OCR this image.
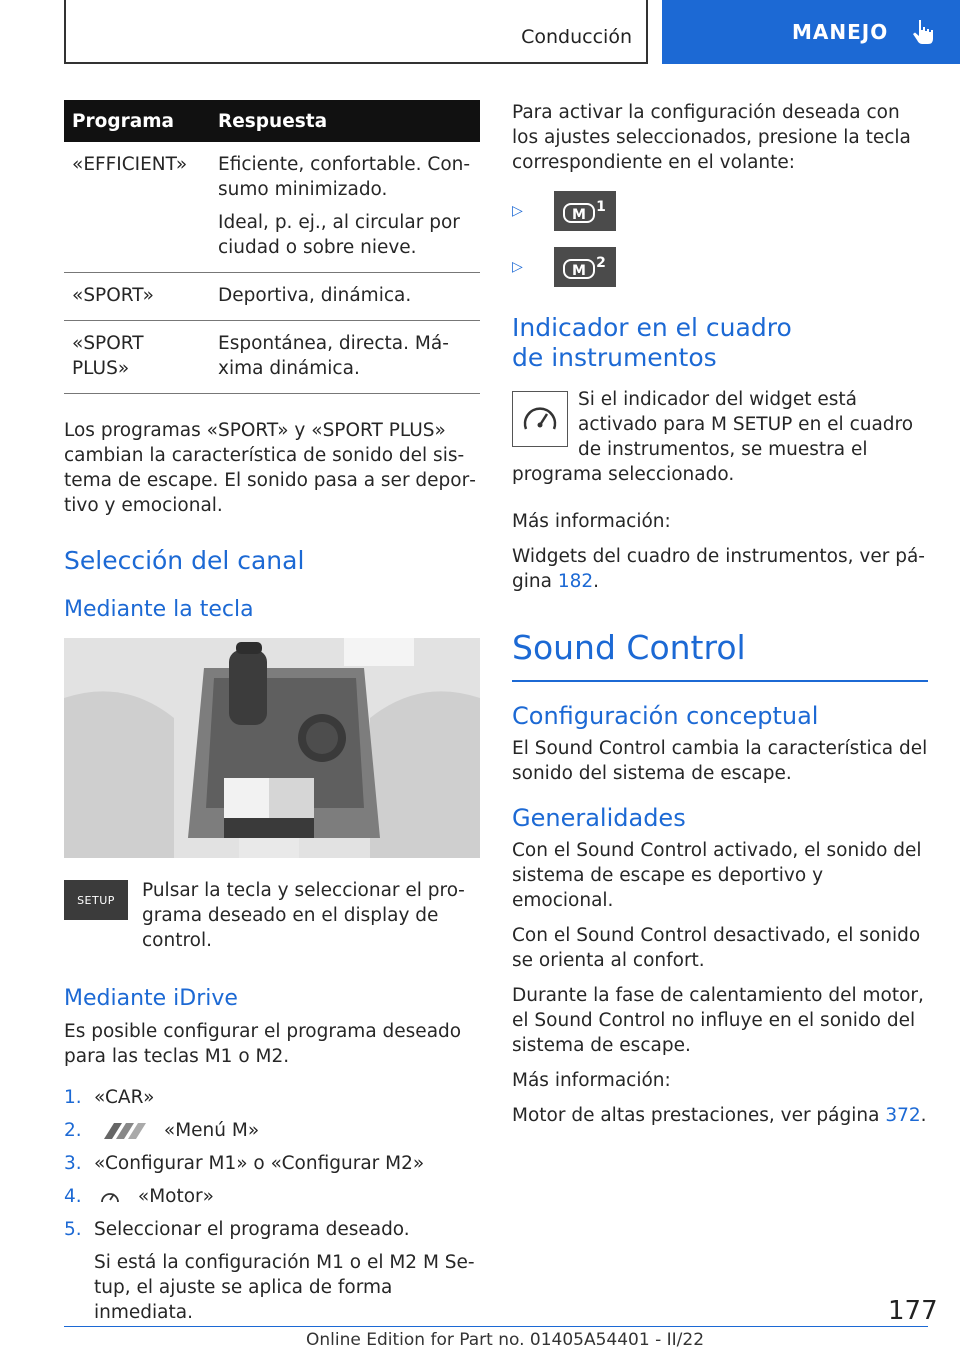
Conducción	MANEJO
Programa	Respuesta
«EFFICIENT»	Eficiente, confortable. Consumo minimizado.

Ideal, p. ej., al circular por ciudad o sobre nieve.

«SPORT»	Deportiva, dinámica.
«SPORT PLUS»	Espontánea, directa. Máxima dinámica.

Los programas «SPORT» y «SPORT PLUS» cambian la característica de sonido del sistema de escape. El sonido pasa a ser deportivo y emocional.

Selección del canal
Mediante la tecla
SETUP	Pulsar la tecla y seleccionar el programa deseado en el display de control.

Mediante iDrive

Es posible configurar el programa deseado para las teclas M1 o M2.

1. «CAR»
2.	«Menú M»
3. «Configurar M1» o «Configurar M2»
4.	«Motor»
5. Seleccionar el programa deseado.

Si está la configuración M1 o el M2 M Setup, el ajuste se aplica de forma inmediata.

Para activar la configuración deseada con los ajustes seleccionados, presione la tecla correspondiente en el volante:

▷	M 1
▷	M 2
Indicador en el cuadro
de instrumentos

Si el indicador del widget está activado para M SETUP en el cuadro de instrumentos, se muestra el programa seleccionado.

Más información:

Widgets del cuadro de instrumentos, ver página 182.

Sound Control
Configuración conceptual

El Sound Control cambia la característica del sonido del sistema de escape.

Generalidades

Con el Sound Control activado, el sonido del sistema de escape es deportivo y emocional.

Con el Sound Control desactivado, el sonido se orienta al confort.

Durante la fase de calentamiento del motor, el Sound Control no influye en el sonido del sistema de escape.

Más información:

Motor de altas prestaciones, ver página 372.

177
Online Edition for Part no. 01405A54401 - II/22
